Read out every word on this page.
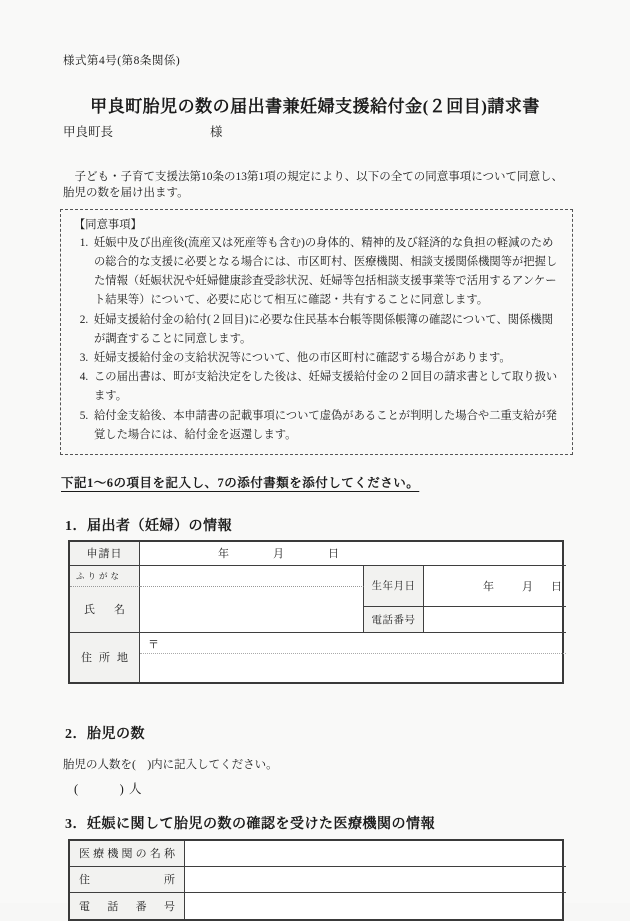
様式第4号(第8条関係)
甲良町胎児の数の届出書兼妊婦支援給付金(２回目)請求書
甲良町長	様

子ども・子育て支援法第10条の13第1項の規定により、以下の全ての同意事項について同意し、胎児の数を届け出ます。

【同意事項】
1. 妊娠中及び出産後(流産又は死産等も含む)の身体的、精神的及び経済的な負担の軽減のための総合的な支援に必要となる場合には、市区町村、医療機関、相談支援関係機関等が把握した情報（妊娠状況や妊婦健康診査受診状況、妊婦等包括相談支援事業等で活用するアンケート結果等）について、必要に応じて相互に確認・共有することに同意します。
2. 妊婦支援給付金の給付(２回目)に必要な住民基本台帳等関係帳簿の確認について、関係機関が調査することに同意します。
3. 妊婦支援給付金の支給状況等について、他の市区町村に確認する場合があります。
4. この届出書は、町が支給決定をした後は、妊婦支援給付金の２回目の請求書として取り扱います。
5. 給付金支給後、本申請書の記載事項について虚偽があることが判明した場合や二重支給が発覚した場合には、給付金を返還します。
下記1～6の項目を記入し、7の添付書類を添付してください。
1．届出者（妊婦）の情報
申請日	年	月	日
ふりがな
生年月日	年	月 日
氏名
電話番号
住所地
〒
2．胎児の数
胎児の人数を(　)内に記入してください。
(　　　) 人
3．妊娠に関して胎児の数の確認を受けた医療機関の情報
医療機関の名称
住所
電話番号
